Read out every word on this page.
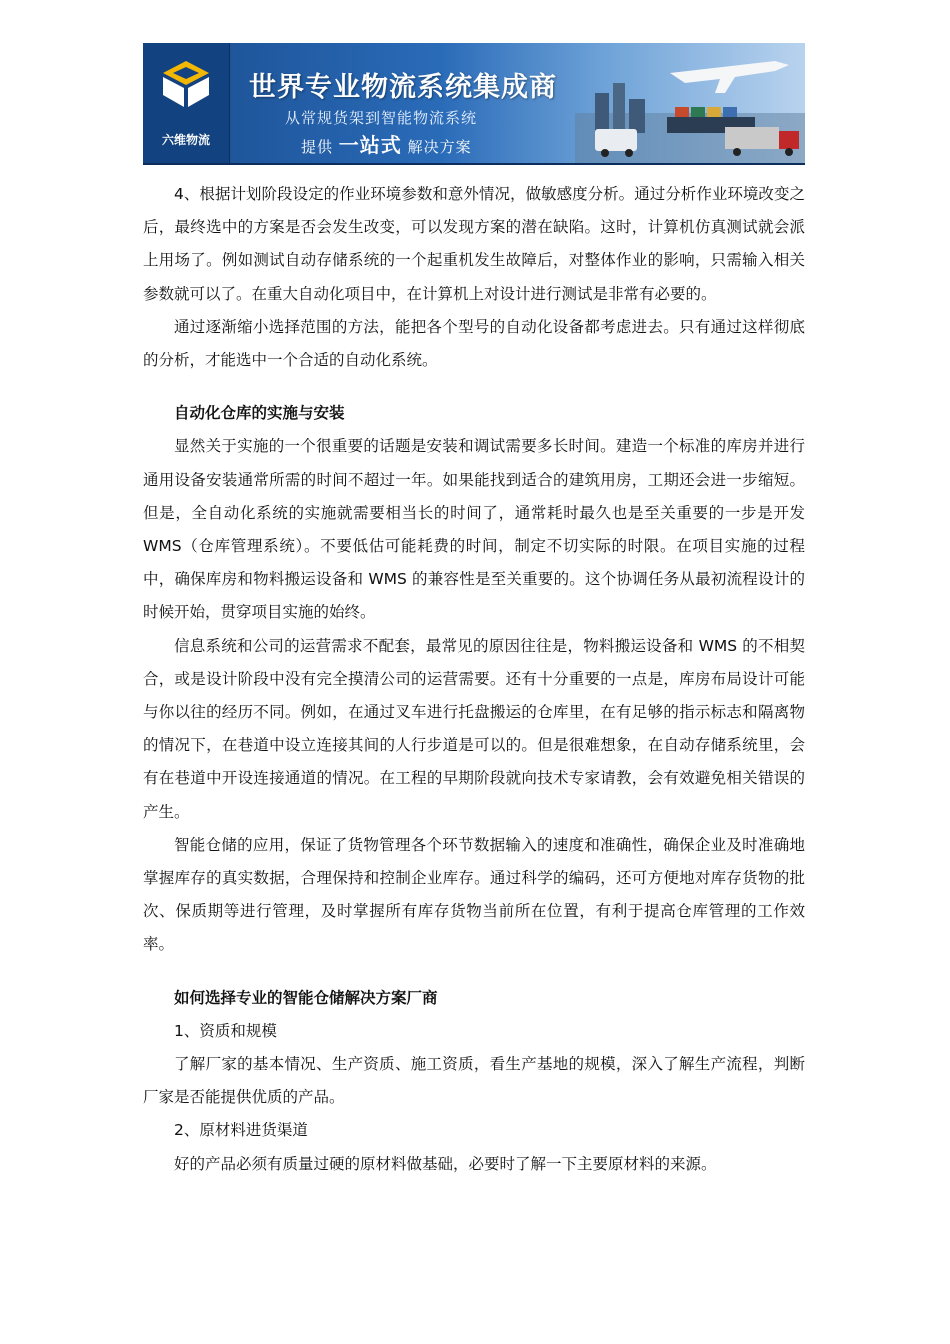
六维物流
世界专业物流系统集成商
从常规货架到智能物流系统
提供 一站式 解决方案

4、根据计划阶段设定的作业环境参数和意外情况，做敏感度分析。通过分析作业环境改变之后，最终选中的方案是否会发生改变，可以发现方案的潜在缺陷。这时，计算机仿真测试就会派上用场了。例如测试自动存储系统的一个起重机发生故障后，对整体作业的影响，只需输入相关参数就可以了。在重大自动化项目中，在计算机上对设计进行测试是非常有必要的。

通过逐渐缩小选择范围的方法，能把各个型号的自动化设备都考虑进去。只有通过这样彻底的分析，才能选中一个合适的自动化系统。

自动化仓库的实施与安装

显然关于实施的一个很重要的话题是安装和调试需要多长时间。建造一个标准的库房并进行通用设备安装通常所需的时间不超过一年。如果能找到适合的建筑用房，工期还会进一步缩短。但是，全自动化系统的实施就需要相当长的时间了，通常耗时最久也是至关重要的一步是开发 WMS（仓库管理系统）。不要低估可能耗费的时间，制定不切实际的时限。在项目实施的过程中，确保库房和物料搬运设备和 WMS 的兼容性是至关重要的。这个协调任务从最初流程设计的时候开始，贯穿项目实施的始终。

信息系统和公司的运营需求不配套，最常见的原因往往是，物料搬运设备和 WMS 的不相契合，或是设计阶段中没有完全摸清公司的运营需要。还有十分重要的一点是，库房布局设计可能与你以往的经历不同。例如，在通过叉车进行托盘搬运的仓库里，在有足够的指示标志和隔离物的情况下，在巷道中设立连接其间的人行步道是可以的。但是很难想象，在自动存储系统里，会有在巷道中开设连接通道的情况。在工程的早期阶段就向技术专家请教，会有效避免相关错误的产生。

智能仓储的应用，保证了货物管理各个环节数据输入的速度和准确性，确保企业及时准确地掌握库存的真实数据，合理保持和控制企业库存。通过科学的编码，还可方便地对库存货物的批次、保质期等进行管理，及时掌握所有库存货物当前所在位置，有利于提高仓库管理的工作效率。

如何选择专业的智能仓储解决方案厂商

1、资质和规模

了解厂家的基本情况、生产资质、施工资质，看生产基地的规模，深入了解生产流程，判断厂家是否能提供优质的产品。

2、原材料进货渠道

好的产品必须有质量过硬的原材料做基础，必要时了解一下主要原材料的来源。
